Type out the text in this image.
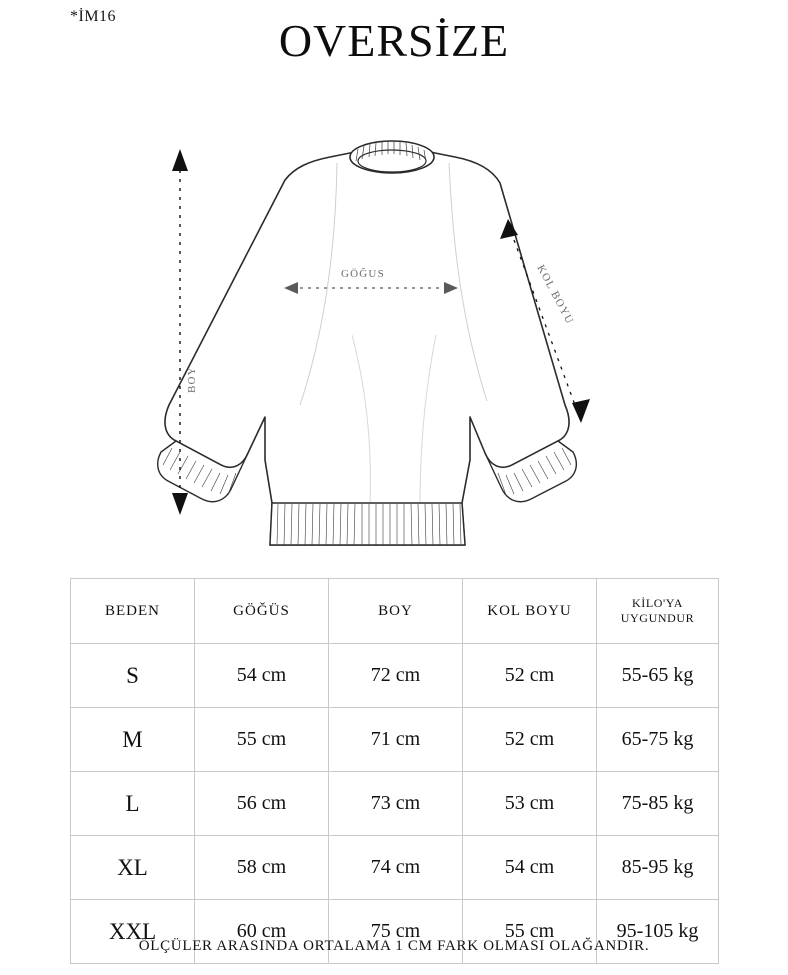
*İM16	OVERSİZE
GÖĞUS
BOY
KOL BOYU
BEDEN	GÖĞÜS	BOY	KOL BOYU	KİLO'YA
UYGUNDUR

S	54 cm	72 cm	52 cm	55-65 kg
M	55 cm	71 cm	52 cm	65-75 kg
L	56 cm	73 cm	53 cm	75-85 kg
XL	58 cm	74 cm	54 cm	85-95 kg
XXL	60 cm	75 cm	55 cm	95-105 kg
ÖLÇÜLER ARASINDA ORTALAMA 1 CM FARK OLMASI OLAĞANDIR.
